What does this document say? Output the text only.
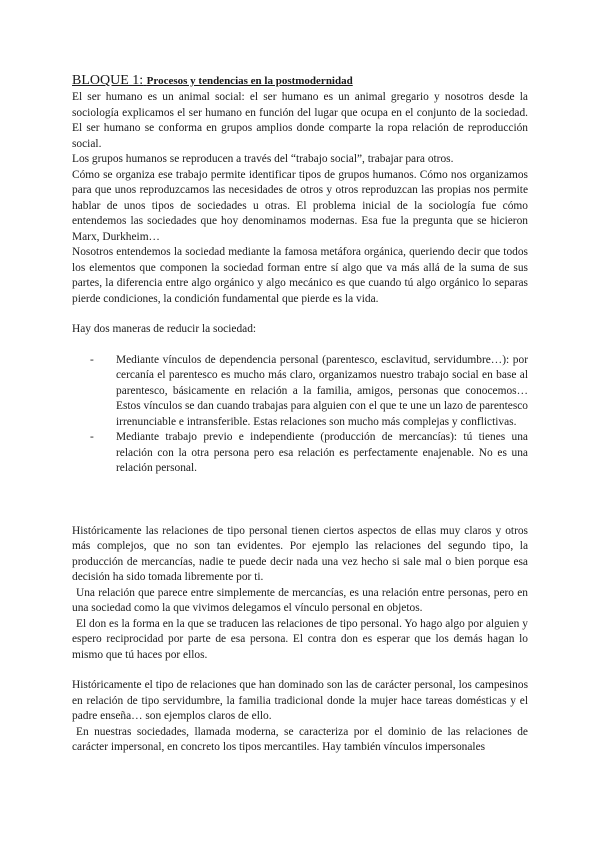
BLOQUE 1: Procesos y tendencias en la postmodernidad

El ser humano es un animal social: el ser humano es un animal gregario y nosotros desde la sociología explicamos el ser humano en función del lugar que ocupa en el conjunto de la sociedad. El ser humano se conforma en grupos amplios donde comparte la ropa relación de reproducción social.

Los grupos humanos se reproducen a través del “trabajo social”, trabajar para otros.

Cómo se organiza ese trabajo permite identificar tipos de grupos humanos. Cómo nos organizamos para que unos reproduzcamos las necesidades de otros y otros reproduzcan las propias nos permite hablar de unos tipos de sociedades u otras. El problema inicial de la sociología fue cómo entendemos las sociedades que hoy denominamos modernas. Esa fue la pregunta que se hicieron Marx, Durkheim…

Nosotros entendemos la sociedad mediante la famosa metáfora orgánica, queriendo decir que todos los elementos que componen la sociedad forman entre sí algo que va más allá de la suma de sus partes, la diferencia entre algo orgánico y algo mecánico es que cuando tú algo orgánico lo separas pierde condiciones, la condición fundamental que pierde es la vida.

Hay dos maneras de reducir la sociedad:

- Mediante vínculos de dependencia personal (parentesco, esclavitud, servidumbre…): por cercanía el parentesco es mucho más claro, organizamos nuestro trabajo social en base al parentesco, básicamente en relación a la familia, amigos, personas que conocemos… Estos vínculos se dan cuando trabajas para alguien con el que te une un lazo de parentesco irrenunciable e intransferible. Estas relaciones son mucho más complejas y conflictivas.
- Mediante trabajo previo e independiente (producción de mercancías): tú tienes una relación con la otra persona pero esa relación es perfectamente enajenable. No es una relación personal.

Históricamente las relaciones de tipo personal tienen ciertos aspectos de ellas muy claros y otros más complejos, que no son tan evidentes. Por ejemplo las relaciones del segundo tipo, la producción de mercancías, nadie te puede decir nada una vez hecho si sale mal o bien porque esa decisión ha sido tomada libremente por ti.

Una relación que parece entre simplemente de mercancías, es una relación entre personas, pero en una sociedad como la que vivimos delegamos el vínculo personal en objetos.

El don es la forma en la que se traducen las relaciones de tipo personal. Yo hago algo por alguien y espero reciprocidad por parte de esa persona. El contra don es esperar que los demás hagan lo mismo que tú haces por ellos.

Históricamente el tipo de relaciones que han dominado son las de carácter personal, los campesinos en relación de tipo servidumbre, la familia tradicional donde la mujer hace tareas domésticas y el padre enseña… son ejemplos claros de ello.

En nuestras sociedades, llamada moderna, se caracteriza por el dominio de las relaciones de carácter impersonal, en concreto los tipos mercantiles. Hay también vínculos impersonales
